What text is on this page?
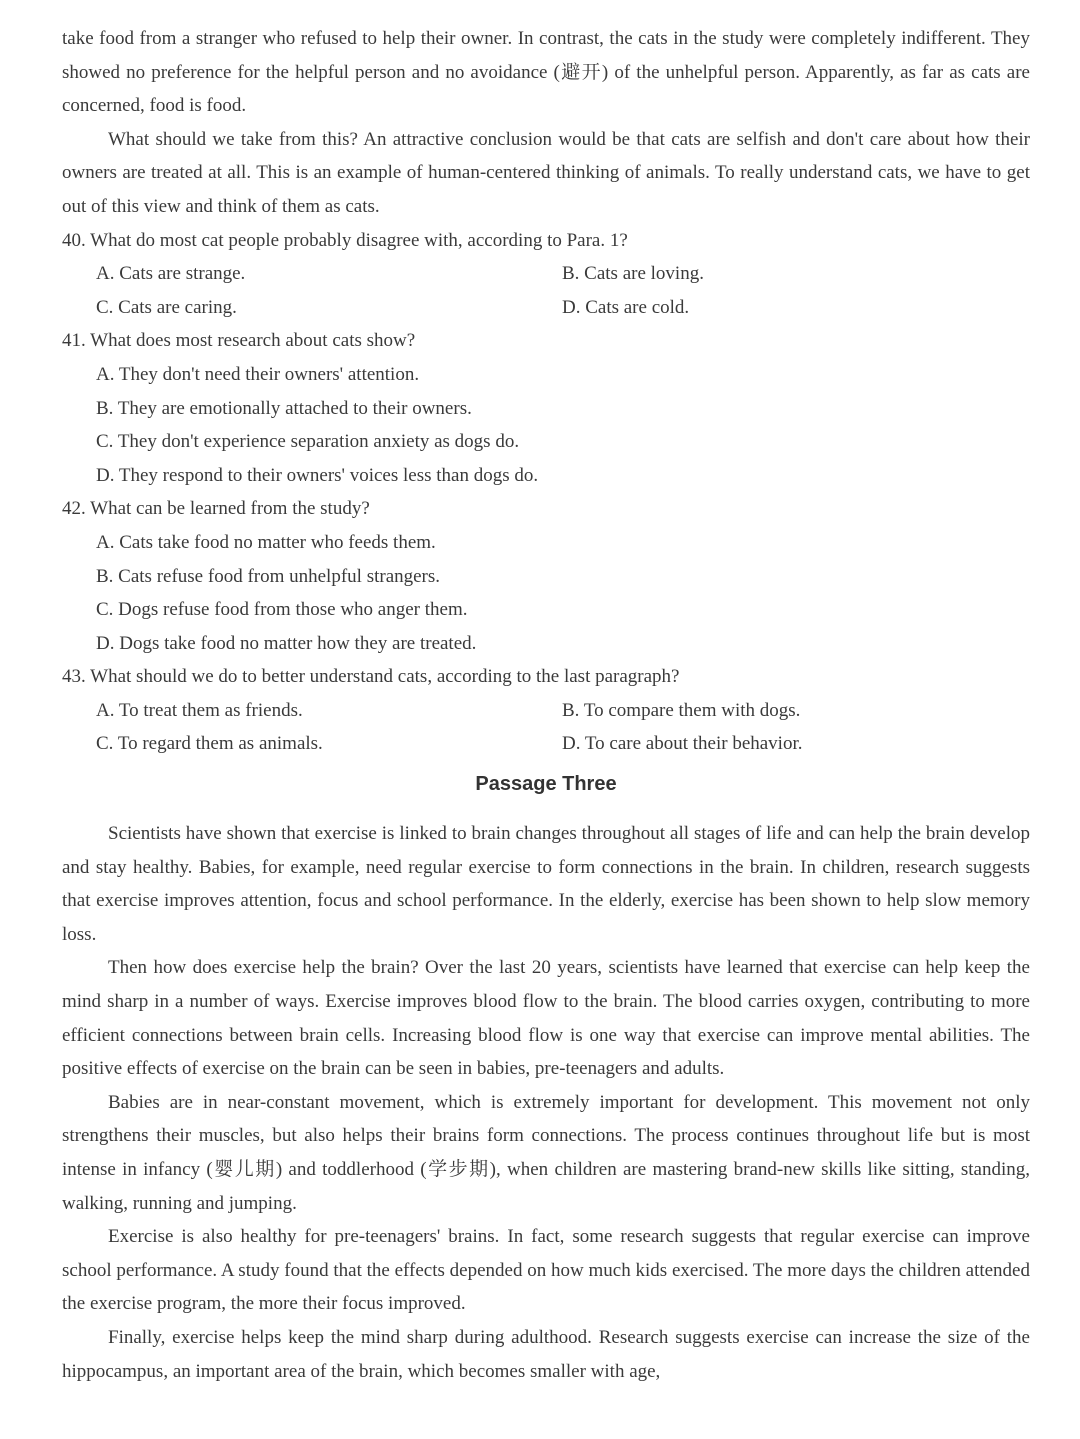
take food from a stranger who refused to help their owner. In contrast, the cats in the study were completely indifferent. They showed no preference for the helpful person and no avoidance (避开) of the unhelpful person. Apparently, as far as cats are concerned, food is food.

What should we take from this? An attractive conclusion would be that cats are selfish and don't care about how their owners are treated at all. This is an example of human-centered thinking of animals. To really understand cats, we have to get out of this view and think of them as cats.

40. What do most cat people probably disagree with, according to Para. 1?

A. Cats are strange.	B. Cats are loving.
C. Cats are caring.	D. Cats are cold.

41. What does most research about cats show?

A. They don't need their owners' attention.
B. They are emotionally attached to their owners.
C. They don't experience separation anxiety as dogs do.
D. They respond to their owners' voices less than dogs do.

42. What can be learned from the study?

A. Cats take food no matter who feeds them.
B. Cats refuse food from unhelpful strangers.
C. Dogs refuse food from those who anger them.
D. Dogs take food no matter how they are treated.

43. What should we do to better understand cats, according to the last paragraph?

A. To treat them as friends.	B. To compare them with dogs.
C. To regard them as animals.	D. To care about their behavior.
Passage Three

Scientists have shown that exercise is linked to brain changes throughout all stages of life and can help the brain develop and stay healthy. Babies, for example, need regular exercise to form connections in the brain. In children, research suggests that exercise improves attention, focus and school performance. In the elderly, exercise has been shown to help slow memory loss.

Then how does exercise help the brain? Over the last 20 years, scientists have learned that exercise can help keep the mind sharp in a number of ways. Exercise improves blood flow to the brain. The blood carries oxygen, contributing to more efficient connections between brain cells. Increasing blood flow is one way that exercise can improve mental abilities. The positive effects of exercise on the brain can be seen in babies, pre-teenagers and adults.

Babies are in near-constant movement, which is extremely important for development. This movement not only strengthens their muscles, but also helps their brains form connections. The process continues throughout life but is most intense in infancy (婴儿期) and toddlerhood (学步期), when children are mastering brand-new skills like sitting, standing, walking, running and jumping.

Exercise is also healthy for pre-teenagers' brains. In fact, some research suggests that regular exercise can improve school performance. A study found that the effects depended on how much kids exercised. The more days the children attended the exercise program, the more their focus improved.

Finally, exercise helps keep the mind sharp during adulthood. Research suggests exercise can increase the size of the hippocampus, an important area of the brain, which becomes smaller with age,
